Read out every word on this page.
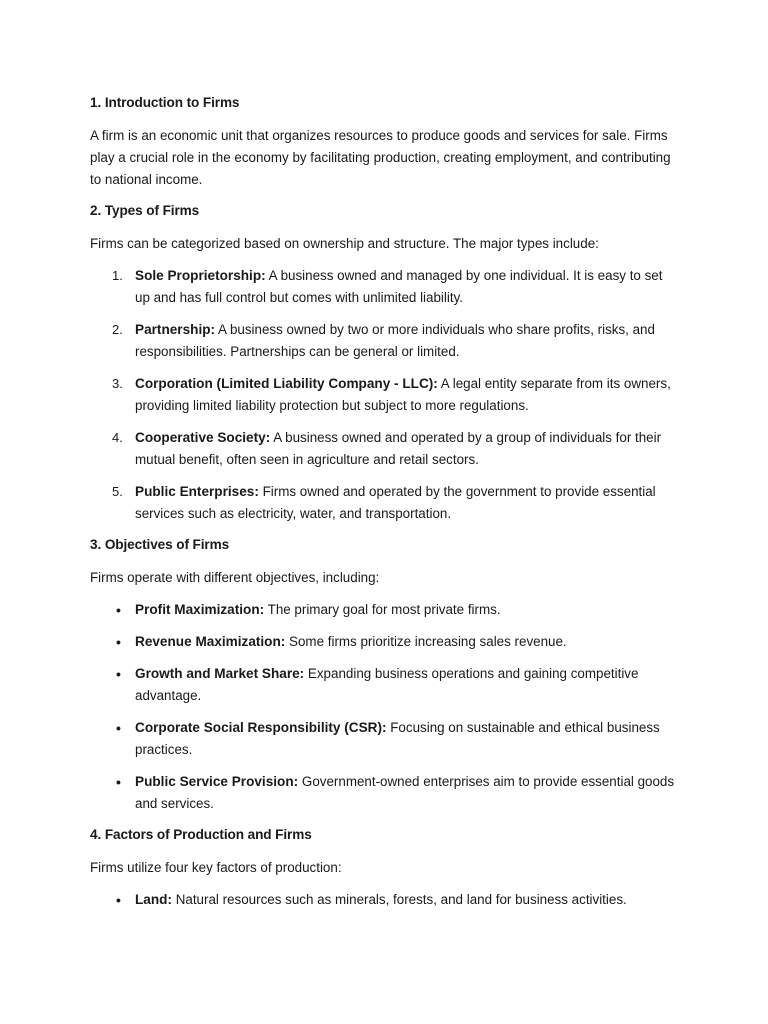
1. Introduction to Firms

A firm is an economic unit that organizes resources to produce goods and services for sale. Firms play a crucial role in the economy by facilitating production, creating employment, and contributing to national income.

2. Types of Firms

Firms can be categorized based on ownership and structure. The major types include:

1. Sole Proprietorship: A business owned and managed by one individual. It is easy to set up and has full control but comes with unlimited liability.
2. Partnership: A business owned by two or more individuals who share profits, risks, and responsibilities. Partnerships can be general or limited.
3. Corporation (Limited Liability Company - LLC): A legal entity separate from its owners, providing limited liability protection but subject to more regulations.
4. Cooperative Society: A business owned and operated by a group of individuals for their mutual benefit, often seen in agriculture and retail sectors.
5. Public Enterprises: Firms owned and operated by the government to provide essential services such as electricity, water, and transportation.
3. Objectives of Firms

Firms operate with different objectives, including:

• Profit Maximization: The primary goal for most private firms.
• Revenue Maximization: Some firms prioritize increasing sales revenue.
• Growth and Market Share: Expanding business operations and gaining competitive advantage.
• Corporate Social Responsibility (CSR): Focusing on sustainable and ethical business practices.
• Public Service Provision: Government-owned enterprises aim to provide essential goods and services.
4. Factors of Production and Firms

Firms utilize four key factors of production:

• Land: Natural resources such as minerals, forests, and land for business activities.
